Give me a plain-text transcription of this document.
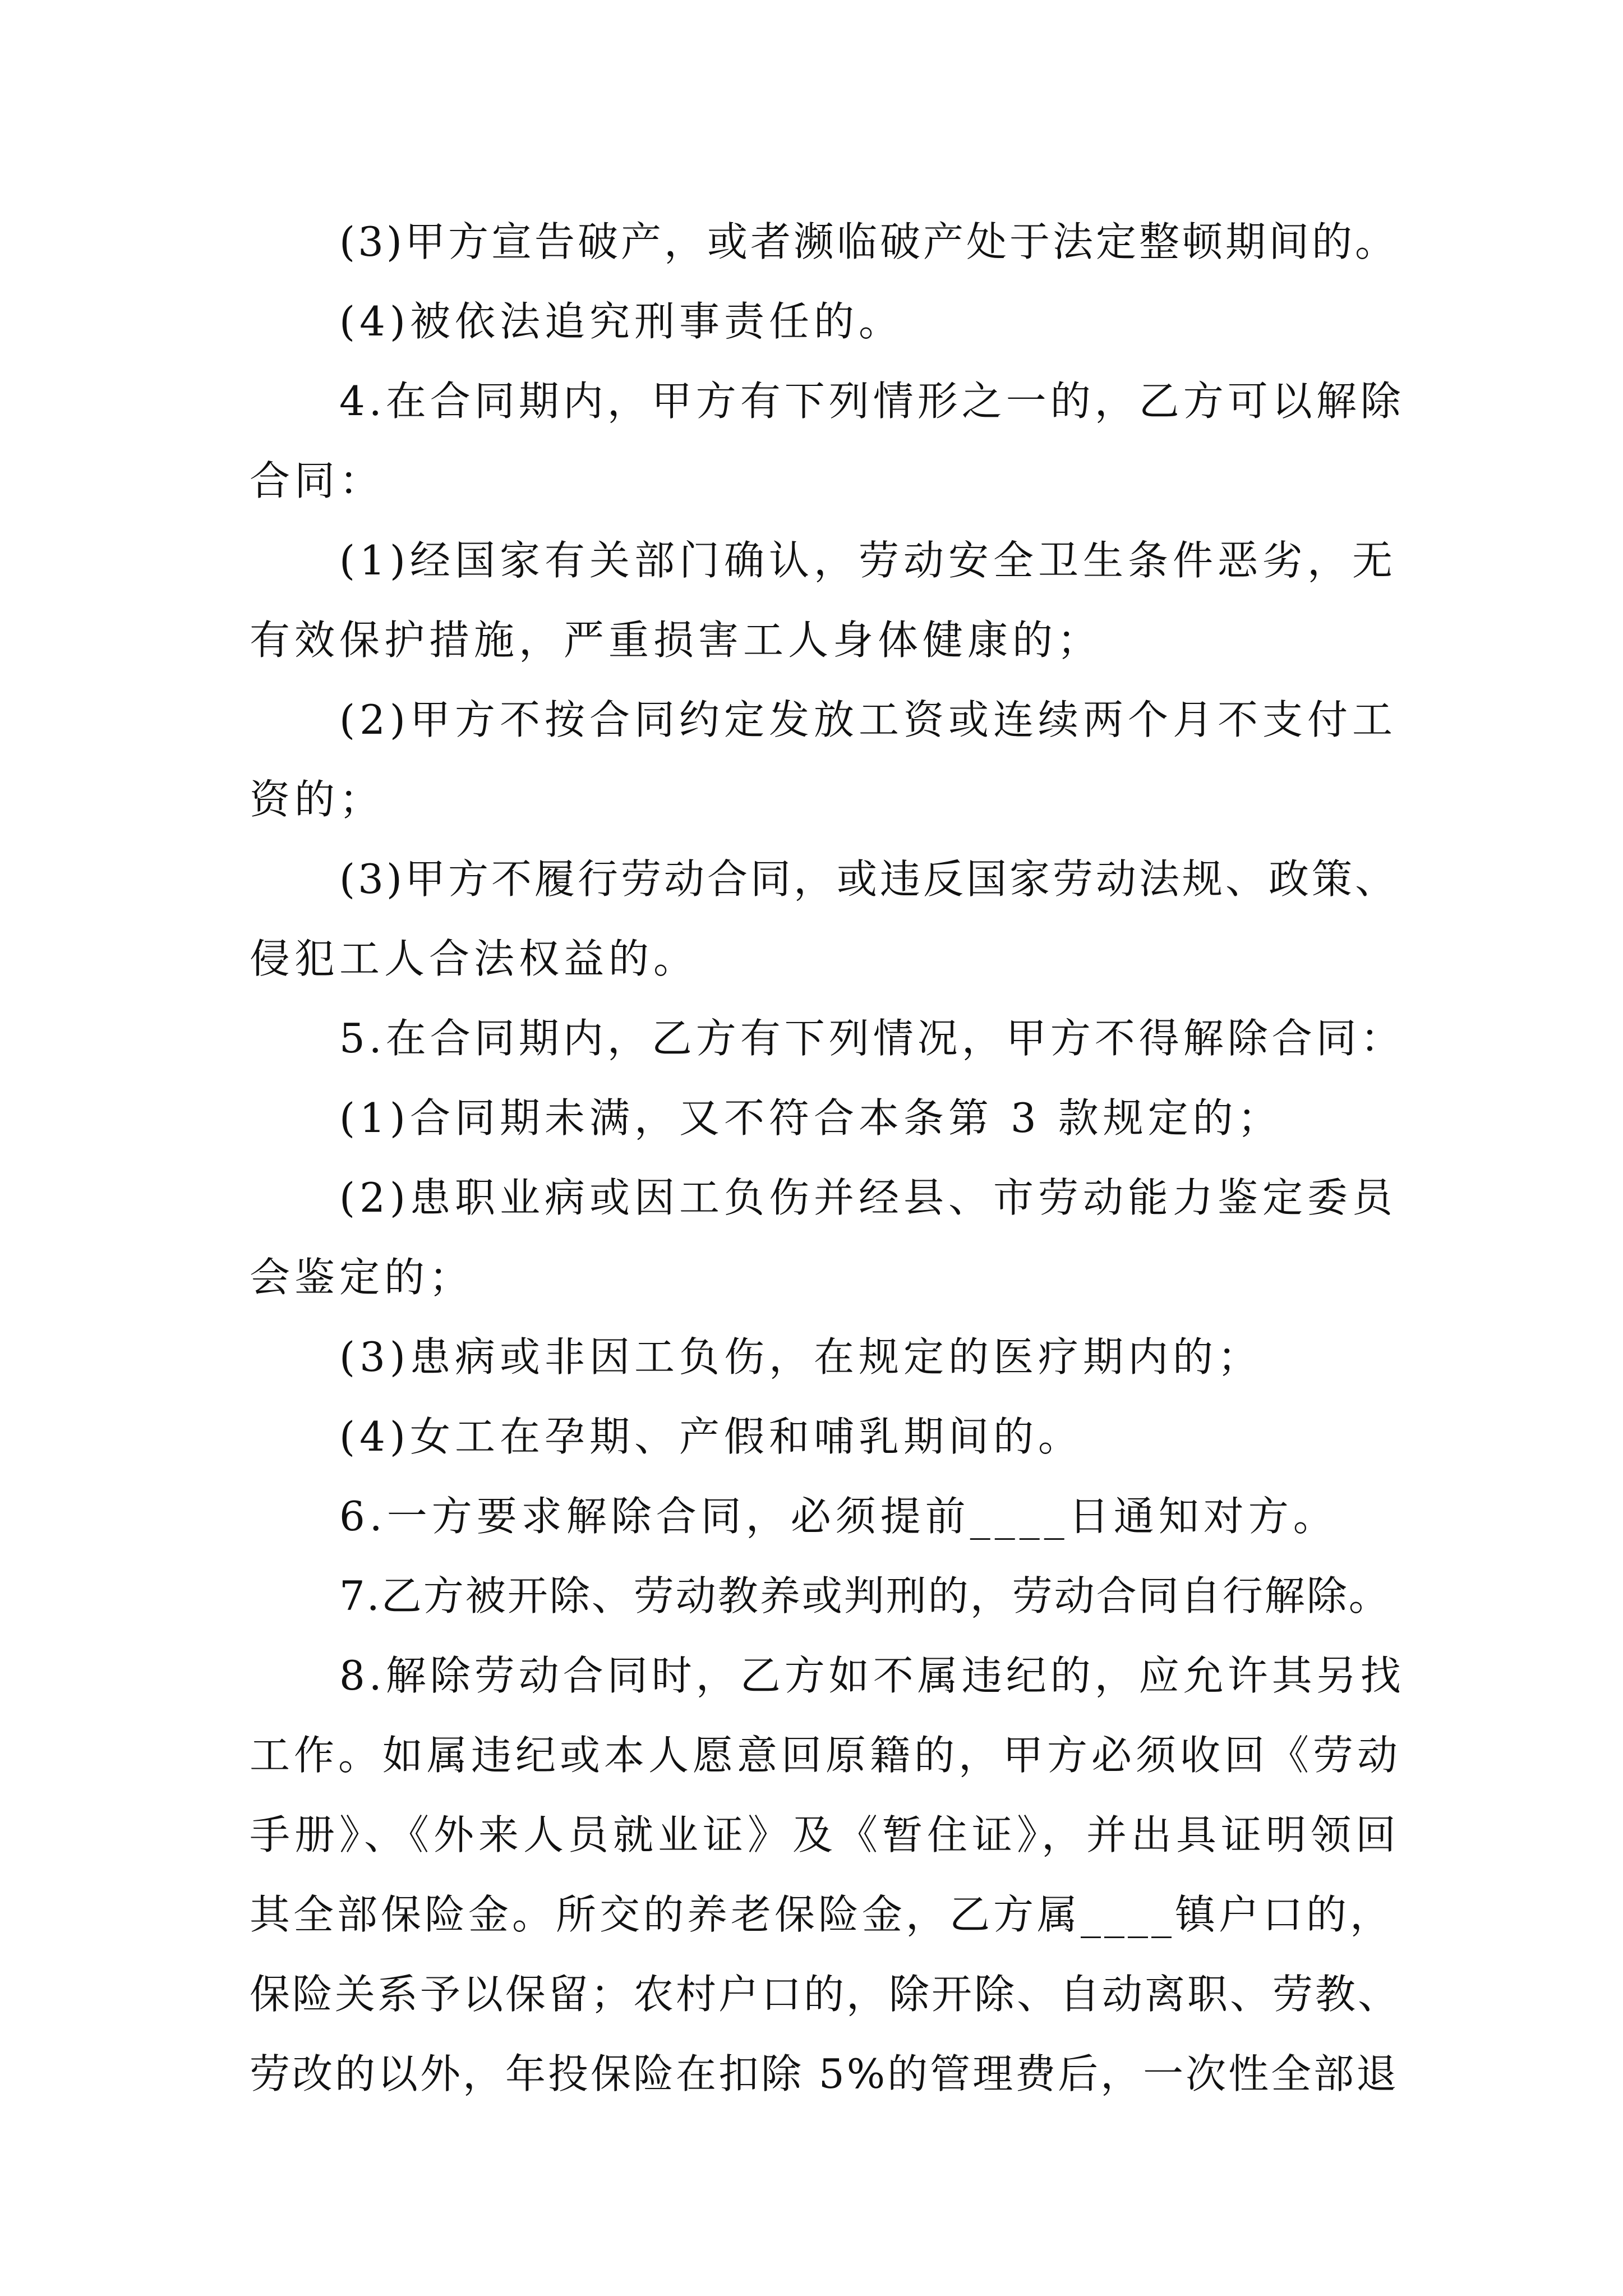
(3)甲方宣告破产，或者濒临破产处于法定整顿期间的。
(4)被依法追究刑事责任的。
4.在合同期内，甲方有下列情形之一的，乙方可以解除
合同：
(1)经国家有关部门确认，劳动安全卫生条件恶劣，无
有效保护措施，严重损害工人身体健康的；
(2)甲方不按合同约定发放工资或连续两个月不支付工
资的；
(3)甲方不履行劳动合同，或违反国家劳动法规、政策、
侵犯工人合法权益的。
5.在合同期内，乙方有下列情况，甲方不得解除合同：
(1)合同期未满，又不符合本条第 3 款规定的；
(2)患职业病或因工负伤并经县、市劳动能力鉴定委员
会鉴定的；
(3)患病或非因工负伤，在规定的医疗期内的；
(4)女工在孕期、产假和哺乳期间的。
6.一方要求解除合同，必须提前____日通知对方。
7.乙方被开除、劳动教养或判刑的，劳动合同自行解除。
8.解除劳动合同时，乙方如不属违纪的，应允许其另找
工作。如属违纪或本人愿意回原籍的，甲方必须收回《劳动
手册》、《外来人员就业证》及《暂住证》，并出具证明领回
其全部保险金。所交的养老保险金，乙方属____镇户口的，
保险关系予以保留；农村户口的，除开除、自动离职、劳教、
劳改的以外，年投保险在扣除 5%的管理费后，一次性全部退
